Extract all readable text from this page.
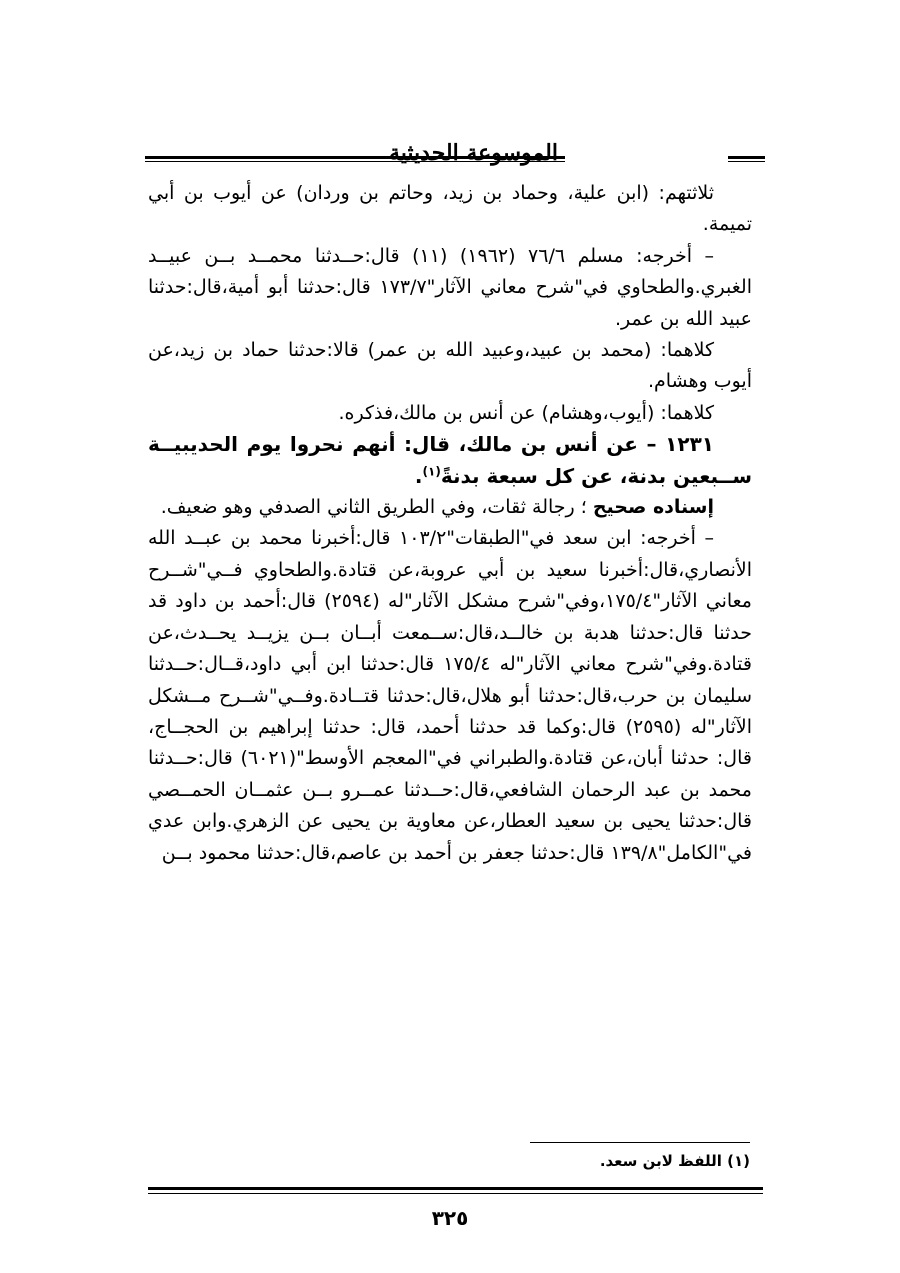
الموسوعة الحديثية

ثلاثتهم: (ابن علية، وحماد بن زيد، وحاتم بن وردان) عن أيوب بن أبي تميمة.

– أخرجه: مسلم ٧٦/٦ (١٩٦٢) (١١) قال:حــدثنا محمــد بــن عبيــد الغبري.والطحاوي في"شرح معاني الآثار"١٧٣/٧ قال:حدثنا أبو أمية،قال:حدثنا عبيد الله بن عمر.

كلاهما: (محمد بن عبيد،وعبيد الله بن عمر) قالا:حدثنا حماد بن زيد،عن أيوب وهشام.

كلاهما: (أيوب،وهشام) عن أنس بن مالك،فذكره.

١٢٣١ – عن أنس بن مالك، قال: أنهم نحروا يوم الحديبيــة ســبعين بدنة، عن كل سبعة بدنةً$^{(١)}$.

إسناده صحيح ؛ رجالة ثقات، وفي الطريق الثاني الصدفي وهو ضعيف.

– أخرجه: ابن سعد في"الطبقات"١٠٣/٢ قال:أخبرنا محمد بن عبــد الله الأنصاري،قال:أخبرنا سعيد بن أبي عروبة،عن قتادة.والطحاوي فــي"شــرح معاني الآثار"١٧٥/٤،وفي"شرح مشكل الآثار"له (٢٥٩٤) قال:أحمد بن داود قد حدثنا قال:حدثنا هدبة بن خالــد،قال:ســمعت أبــان بــن يزيــد يحــدث،عن قتادة.وفي"شرح معاني الآثار"له ١٧٥/٤ قال:حدثنا ابن أبي داود،قــال:حــدثنا سليمان بن حرب،قال:حدثنا أبو هلال،قال:حدثنا قتــادة.وفــي"شــرح مــشكل الآثار"له (٢٥٩٥) قال:وكما قد حدثنا أحمد، قال: حدثنا إبراهيم بن الحجــاج، قال: حدثنا أبان،عن قتادة.والطبراني في"المعجم الأوسط"(٦٠٢١) قال:حــدثنا محمد بن عبد الرحمان الشافعي،قال:حــدثنا عمــرو بــن عثمــان الحمــصي قال:حدثنا يحيى بن سعيد العطار،عن معاوية بن يحيى عن الزهري.وابن عدي في"الكامل"١٣٩/٨ قال:حدثنا جعفر بن أحمد بن عاصم،قال:حدثنا محمود بــن

(١) اللفظ لابن سعد.
٣٢٥
